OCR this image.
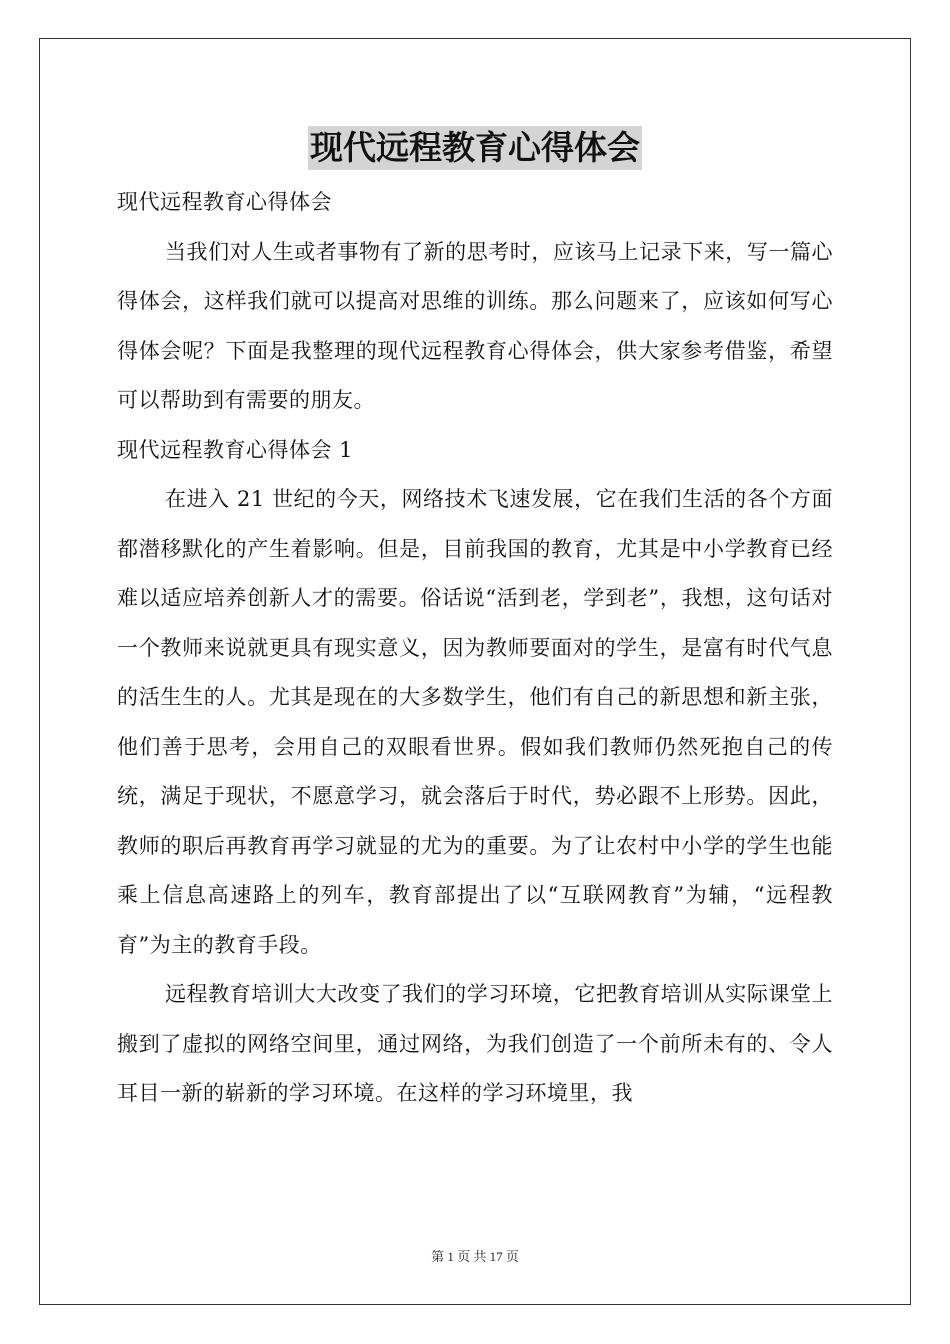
现代远程教育心得体会

现代远程教育心得体会

当我们对人生或者事物有了新的思考时，应该马上记录下来，写一篇心得体会，这样我们就可以提高对思维的训练。那么问题来了，应该如何写心得体会呢？下面是我整理的现代远程教育心得体会，供大家参考借鉴，希望可以帮助到有需要的朋友。

现代远程教育心得体会 1

在进入 21 世纪的今天，网络技术飞速发展，它在我们生活的各个方面都潜移默化的产生着影响。但是，目前我国的教育，尤其是中小学教育已经难以适应培养创新人才的需要。俗话说“活到老，学到老”，我想，这句话对一个教师来说就更具有现实意义，因为教师要面对的学生，是富有时代气息的活生生的人。尤其是现在的大多数学生，他们有自己的新思想和新主张，他们善于思考，会用自己的双眼看世界。假如我们教师仍然死抱自己的传统，满足于现状，不愿意学习，就会落后于时代，势必跟不上形势。因此，教师的职后再教育再学习就显的尤为的重要。为了让农村中小学的学生也能乘上信息高速路上的列车，教育部提出了以“互联网教育”为辅，“远程教育”为主的教育手段。

远程教育培训大大改变了我们的学习环境，它把教育培训从实际课堂上搬到了虚拟的网络空间里，通过网络，为我们创造了一个前所未有的、令人耳目一新的崭新的学习环境。在这样的学习环境里，我

第 1 页 共 17 页
